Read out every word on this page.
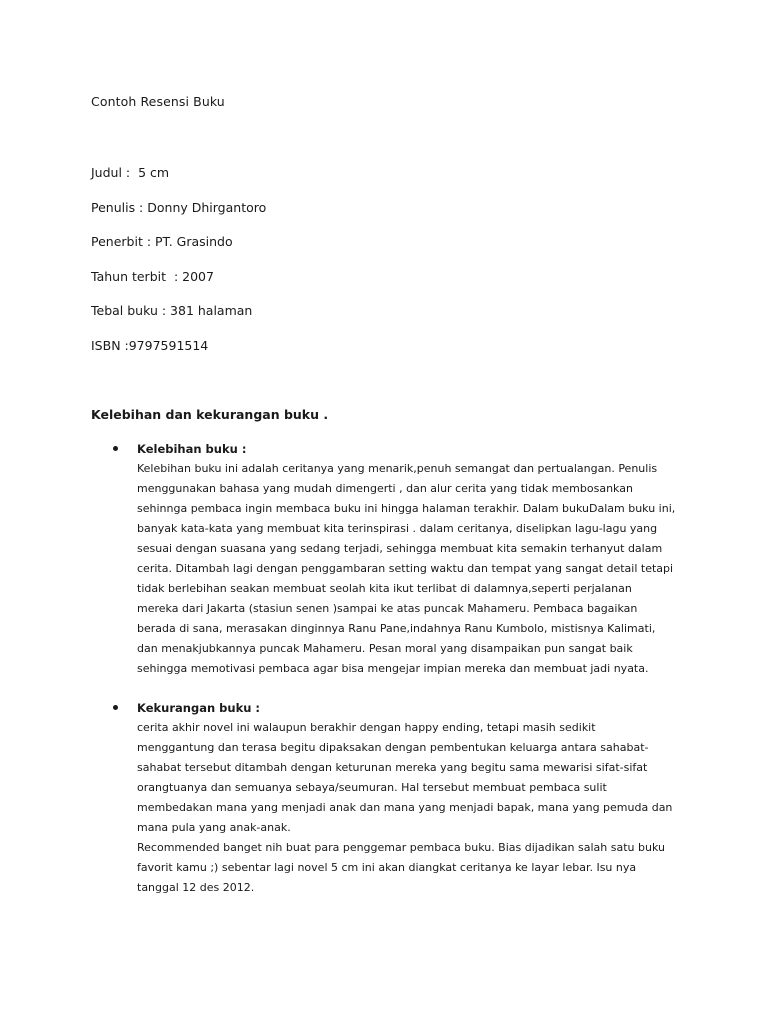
Contoh Resensi Buku
Judul :  5 cm
Penulis : Donny Dhirgantoro
Penerbit : PT. Grasindo
Tahun terbit  : 2007
Tebal buku : 381 halaman
ISBN :9797591514
Kelebihan dan kekurangan buku .
Kelebihan buku :
Kelebihan buku ini adalah ceritanya yang menarik,penuh semangat dan pertualangan. Penulis
menggunakan bahasa yang mudah dimengerti , dan alur cerita yang tidak membosankan
sehinnga pembaca ingin membaca buku ini hingga halaman terakhir. Dalam bukuDalam buku ini,
banyak kata-kata yang membuat kita terinspirasi . dalam ceritanya, diselipkan lagu-lagu yang
sesuai dengan suasana yang sedang terjadi, sehingga membuat kita semakin terhanyut dalam
cerita. Ditambah lagi dengan penggambaran setting waktu dan tempat yang sangat detail tetapi
tidak berlebihan seakan membuat seolah kita ikut terlibat di dalamnya,seperti perjalanan
mereka dari Jakarta (stasiun senen )sampai ke atas puncak Mahameru. Pembaca bagaikan
berada di sana, merasakan dinginnya Ranu Pane,indahnya Ranu Kumbolo, mistisnya Kalimati,
dan menakjubkannya puncak Mahameru. Pesan moral yang disampaikan pun sangat baik
sehingga memotivasi pembaca agar bisa mengejar impian mereka dan membuat jadi nyata.
Kekurangan buku :
cerita akhir novel ini walaupun berakhir dengan happy ending, tetapi masih sedikit
menggantung dan terasa begitu dipaksakan dengan pembentukan keluarga antara sahabat-
sahabat tersebut ditambah dengan keturunan mereka yang begitu sama mewarisi sifat-sifat
orangtuanya dan semuanya sebaya/seumuran. Hal tersebut membuat pembaca sulit
membedakan mana yang menjadi anak dan mana yang menjadi bapak, mana yang pemuda dan
mana pula yang anak-anak.
Recommended banget nih buat para penggemar pembaca buku. Bias dijadikan salah satu buku
favorit kamu ;) sebentar lagi novel 5 cm ini akan diangkat ceritanya ke layar lebar. Isu nya
tanggal 12 des 2012.
